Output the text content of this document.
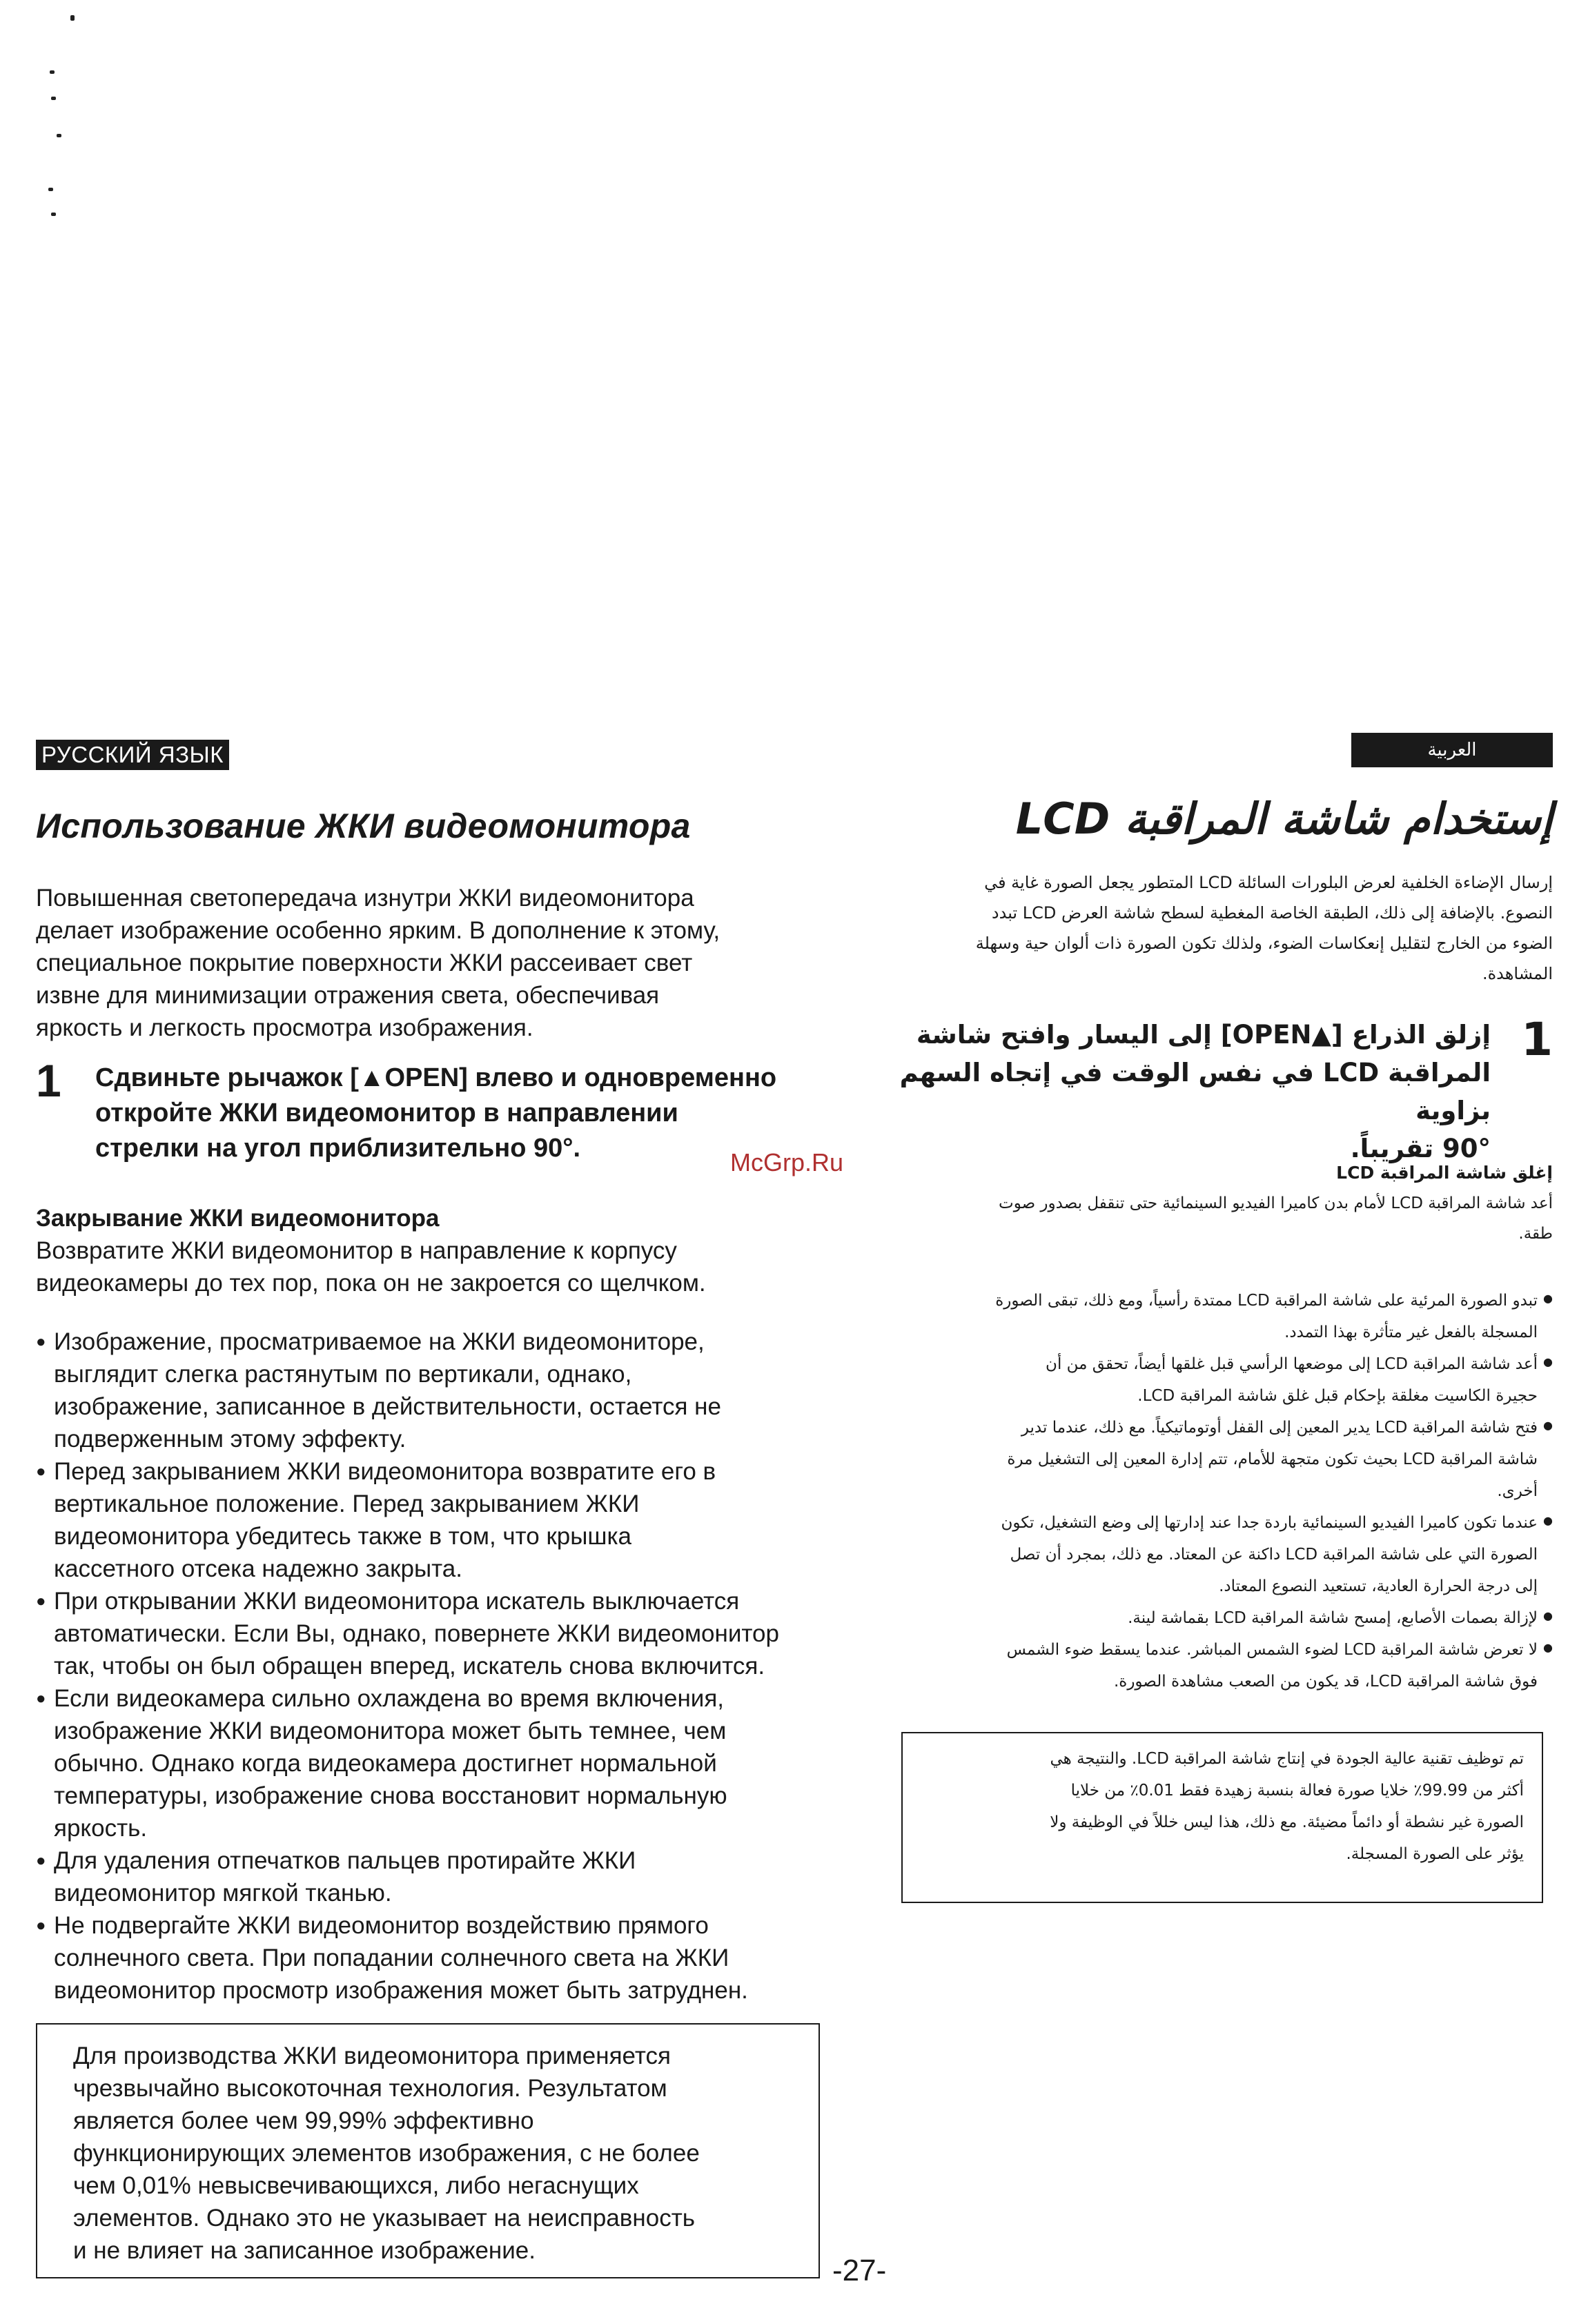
РУССКИЙ ЯЗЫК
Использование ЖКИ видеомонитора
Повышенная светопередача изнутри ЖКИ видеомонитора
делает изображение особенно ярким. В дополнение к этому,
специальное покрытие поверхности ЖКИ рассеивает свет
извне для минимизации отражения света, обеспечивая
яркость и легкость просмотра изображения.
1	Сдвиньте рычажок [▲OPEN] влево и одновременно
откройте ЖКИ видеомонитор в направлении
стрелки на угол приблизительно 90°.
Закрывание ЖКИ видеомонитора
Возвратите ЖКИ видеомонитор в направление к корпусу
видеокамеры до тех пор, пока он не закроется со щелчком.
● Изображение, просматриваемое на ЖКИ видеомониторе,
выглядит слегка растянутым по вертикали, однако,
изображение, записанное в действительности, остается не
подверженным этому эффекту.
● Перед закрыванием ЖКИ видеомонитора возвратите его в
вертикальное положение. Перед закрыванием ЖКИ
видеомонитора убедитесь также в том, что крышка
кассетного отсека надежно закрыта.
● При открывании ЖКИ видеомонитора искатель выключается
автоматически. Если Вы, однако, повернете ЖКИ видеомонитор
так, чтобы он был обращен вперед, искатель снова включится.
● Если видеокамера сильно охлаждена во время включения,
изображение ЖКИ видеомонитора может быть темнее, чем
обычно. Однако когда видеокамера достигнет нормальной
температуры, изображение снова восстановит нормальную
яркость.
● Для удаления отпечатков пальцев протирайте ЖКИ
видеомонитор мягкой тканью.
● Не подвергайте ЖКИ видеомонитор воздействию прямого
солнечного света. При попадании солнечного света на ЖКИ
видеомонитор просмотр изображения может быть затруднен.
Для производства ЖКИ видеомонитора применяется
чрезвычайно высокоточная технология. Результатом
является более чем 99,99% эффективно
функционирующих элементов изображения, с не более
чем 0,01% невысвечивающихся, либо негаснущих
элементов. Однако это не указывает на неисправность
и не влияет на записанное изображение.
العربية
إستخدام شاشة المراقبة LCD
إرسال الإضاءة الخلفية لعرض البلورات السائلة LCD المتطور يجعل الصورة غاية في
النصوع. بالإضافة إلى ذلك، الطبقة الخاصة المغطية لسطح شاشة العرض LCD تبدد
الضوء من الخارج لتقليل إنعكاسات الضوء، ولذلك تكون الصورة ذات ألوان حية وسهلة
المشاهدة.
1
إزلق الذراع [▲OPEN] إلى اليسار وافتح شاشة
المراقبة LCD في نفس الوقت في إتجاه السهم بزاوية
90° تقريباً.
إغلق شاشة المراقبة LCD
أعد شاشة المراقبة LCD لأمام بدن كاميرا الفيديو السينمائية حتى تنقفل بصدور صوت
طقة.
● تبدو الصورة المرئية على شاشة المراقبة LCD ممتدة رأسياً، ومع ذلك، تبقى الصورة
المسجلة بالفعل غير متأثرة بهذا التمدد.
● أعد شاشة المراقبة LCD إلى موضعها الرأسي قبل غلقها أيضاً، تحقق من أن
حجيرة الكاسيت مغلقة بإحكام قبل غلق شاشة المراقبة LCD.
● فتح شاشة المراقبة LCD يدير المعين إلى القفل أوتوماتيكياً. مع ذلك، عندما تدير
شاشة المراقبة LCD بحيث تكون متجهة للأمام، تتم إدارة المعين إلى التشغيل مرة
أخرى.
● عندما تكون كاميرا الفيديو السينمائية باردة جدا عند إدارتها إلى وضع التشغيل، تكون
الصورة التي على شاشة المراقبة LCD داكنة عن المعتاد. مع ذلك، بمجرد أن تصل
إلى درجة الحرارة العادية، تستعيد النصوع المعتاد.
● لإزالة بصمات الأصابع، إمسح شاشة المراقبة LCD بقماشة لينة.
● لا تعرض شاشة المراقبة LCD لضوء الشمس المباشر. عندما يسقط ضوء الشمس
فوق شاشة المراقبة LCD، قد يكون من الصعب مشاهدة الصورة.
تم توظيف تقنية عالية الجودة في إنتاج شاشة المراقبة LCD. والنتيجة هي
أكثر من 99.99٪ خلايا صورة فعالة بنسبة زهيدة فقط 0.01٪ من خلايا
الصورة غير نشطة أو دائماً مضيئة. مع ذلك، هذا ليس خللاً في الوظيفة ولا
يؤثر على الصورة المسجلة.
McGrp.Ru
-27-
